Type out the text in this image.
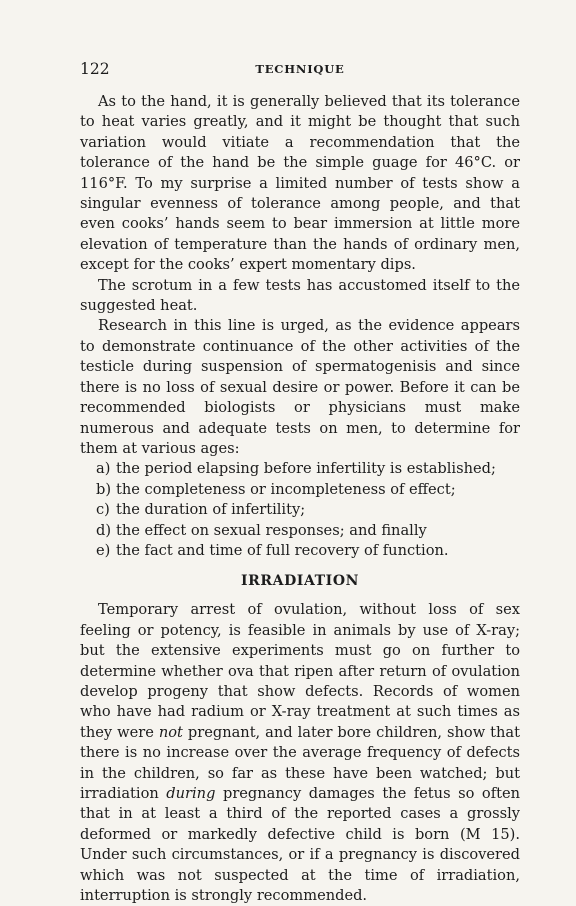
122	TECHNIQUE

As to the hand, it is generally believed that its tolerance to heat varies greatly, and it might be thought that such variation would vitiate a recommendation that the tolerance of the hand be the simple guage for 46°C. or 116°F. To my surprise a limited number of tests show a singular evenness of tolerance among people, and that even cooks’ hands seem to bear immersion at little more elevation of temperature than the hands of ordinary men, except for the cooks’ expert momentary dips.

The scrotum in a few tests has accustomed itself to the suggested heat.

Research in this line is urged, as the evidence appears to demonstrate continuance of the other activities of the testicle during suspension of spermatogenisis and since there is no loss of sexual desire or power. Before it can be recommended biologists or physicians must make numerous and adequate tests on men, to determine for them at various ages:

a) the period elapsing before infertility is established;
b) the completeness or incompleteness of effect;
c) the duration of infertility;
d) the effect on sexual responses; and finally
e) the fact and time of full recovery of function.
IRRADIATION

Temporary arrest of ovulation, without loss of sex feeling or potency, is feasible in animals by use of X-ray; but the extensive experiments must go on further to determine whether ova that ripen after return of ovulation develop progeny that show defects. Records of women who have had radium or X-ray treatment at such times as they were not pregnant, and later bore children, show that there is no increase over the average frequency of defects in the children, so far as these have been watched; but irradiation during pregnancy damages the fetus so often that in at least a third of the reported cases a grossly deformed or markedly defective child is born (M 15). Under such circumstances, or if a pregnancy is discovered which was not suspected at the time of irradiation, interruption is strongly recommended.
